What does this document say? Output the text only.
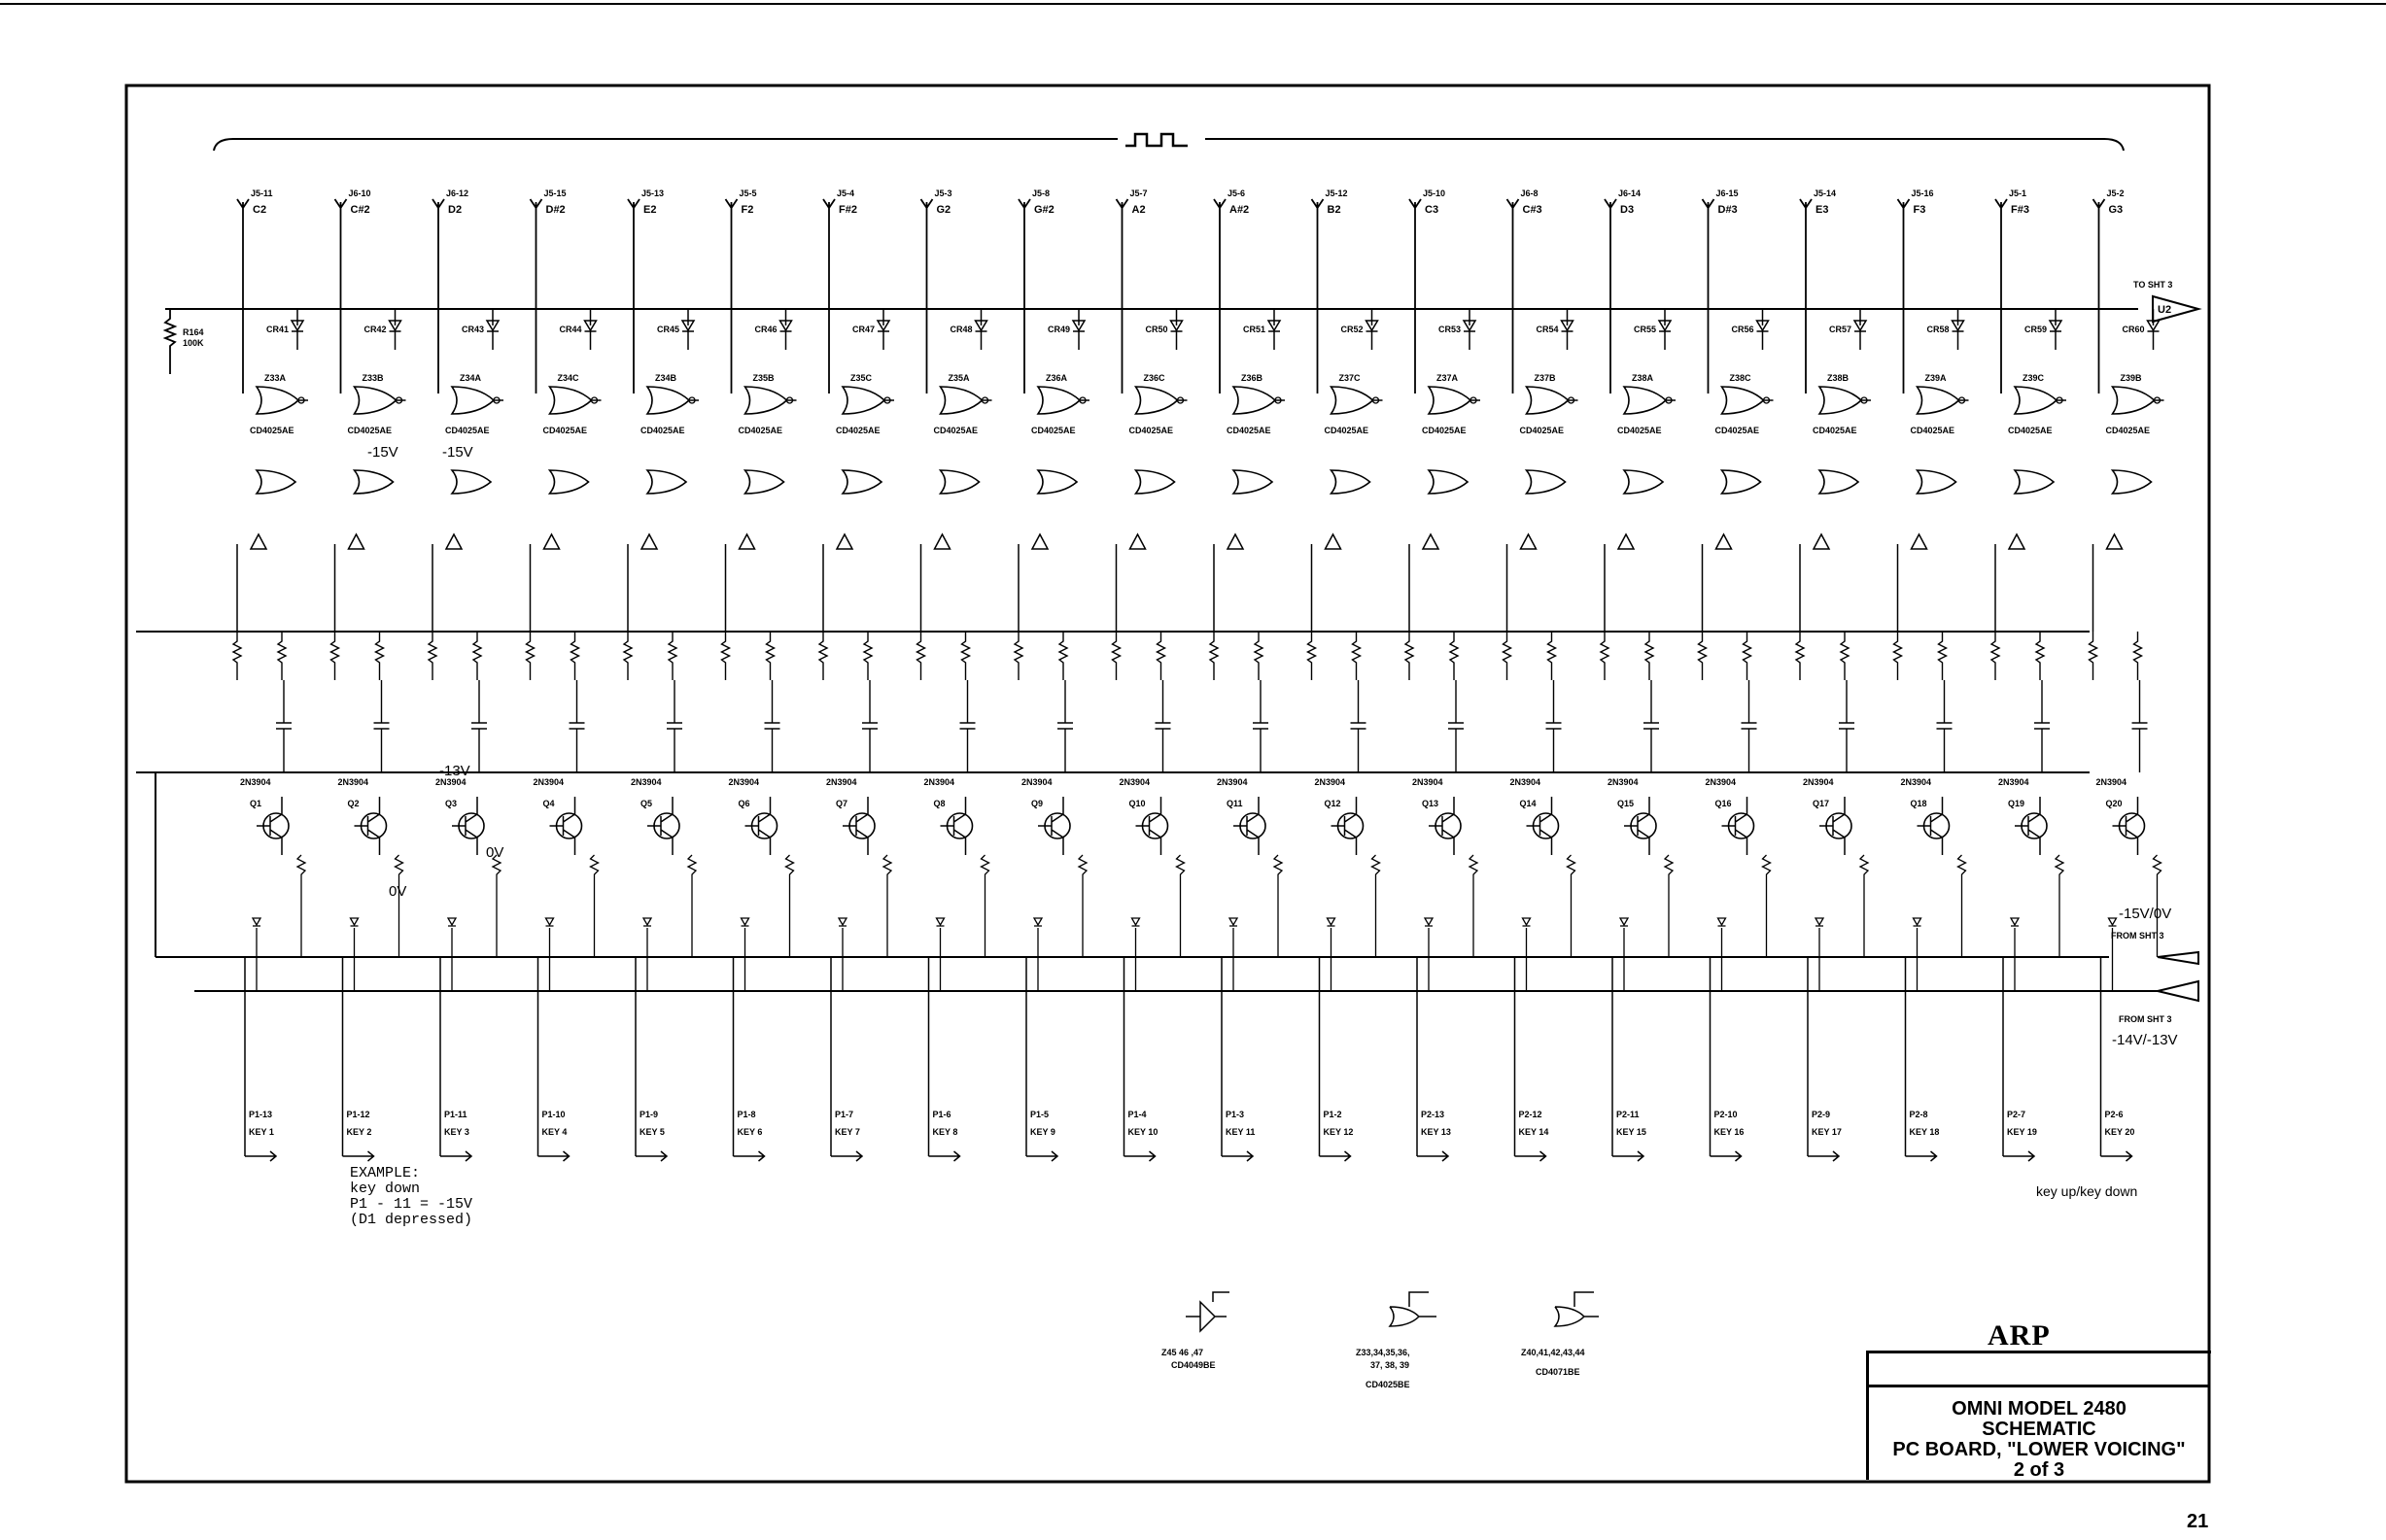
R164
100K
TO SHT 3
U2
J5-11
C2
CR41
Z33A
CD4025AE
2N3904
Q1
P1-13
KEY 1
J6-10
C#2
CR42
Z33B
CD4025AE
2N3904
Q2
P1-12
KEY 2
J6-12
D2
CR43
Z34A
CD4025AE
2N3904
Q3
P1-11
KEY 3
J5-15
D#2
CR44
Z34C
CD4025AE
2N3904
Q4
P1-10
KEY 4
J5-13
E2
CR45
Z34B
CD4025AE
2N3904
Q5
P1-9
KEY 5
J5-5
F2
CR46
Z35B
CD4025AE
2N3904
Q6
P1-8
KEY 6
J5-4
F#2
CR47
Z35C
CD4025AE
2N3904
Q7
P1-7
KEY 7
J5-3
G2
CR48
Z35A
CD4025AE
2N3904
Q8
P1-6
KEY 8
J5-8
G#2
CR49
Z36A
CD4025AE
2N3904
Q9
P1-5
KEY 9
J5-7
A2
CR50
Z36C
CD4025AE
2N3904
Q10
P1-4
KEY 10
J5-6
A#2
CR51
Z36B
CD4025AE
2N3904
Q11
P1-3
KEY 11
J5-12
B2
CR52
Z37C
CD4025AE
2N3904
Q12
P1-2
KEY 12
J5-10
C3
CR53
Z37A
CD4025AE
2N3904
Q13
P2-13
KEY 13
J6-8
C#3
CR54
Z37B
CD4025AE
2N3904
Q14
P2-12
KEY 14
J6-14
D3
CR55
Z38A
CD4025AE
2N3904
Q15
P2-11
KEY 15
J6-15
D#3
CR56
Z38C
CD4025AE
2N3904
Q16
P2-10
KEY 16
J5-14
E3
CR57
Z38B
CD4025AE
2N3904
Q17
P2-9
KEY 17
J5-16
F3
CR58
Z39A
CD4025AE
2N3904
Q18
P2-8
KEY 18
J5-1
F#3
CR59
Z39C
CD4025AE
2N3904
Q19
P2-7
KEY 19
J5-2
G3
CR60
Z39B
CD4025AE
2N3904
Q20
P2-6
KEY 20
-15V/0V
FROM SHT 3
FROM SHT 3
-14V/-13V
-15V	-15V
-13V
0V
0V
Z45 46 ,47
CD4049BE
Z33,34,35,36,
37, 38, 39
CD4025BE
Z40,41,42,43,44
CD4071BE
EXAMPLE:
key down
P1 - 11 = -15V
(D1 depressed)
key up/key down
ARP
OMNI MODEL 2480
SCHEMATIC
PC BOARD, "LOWER VOICING"
2 of 3
21
